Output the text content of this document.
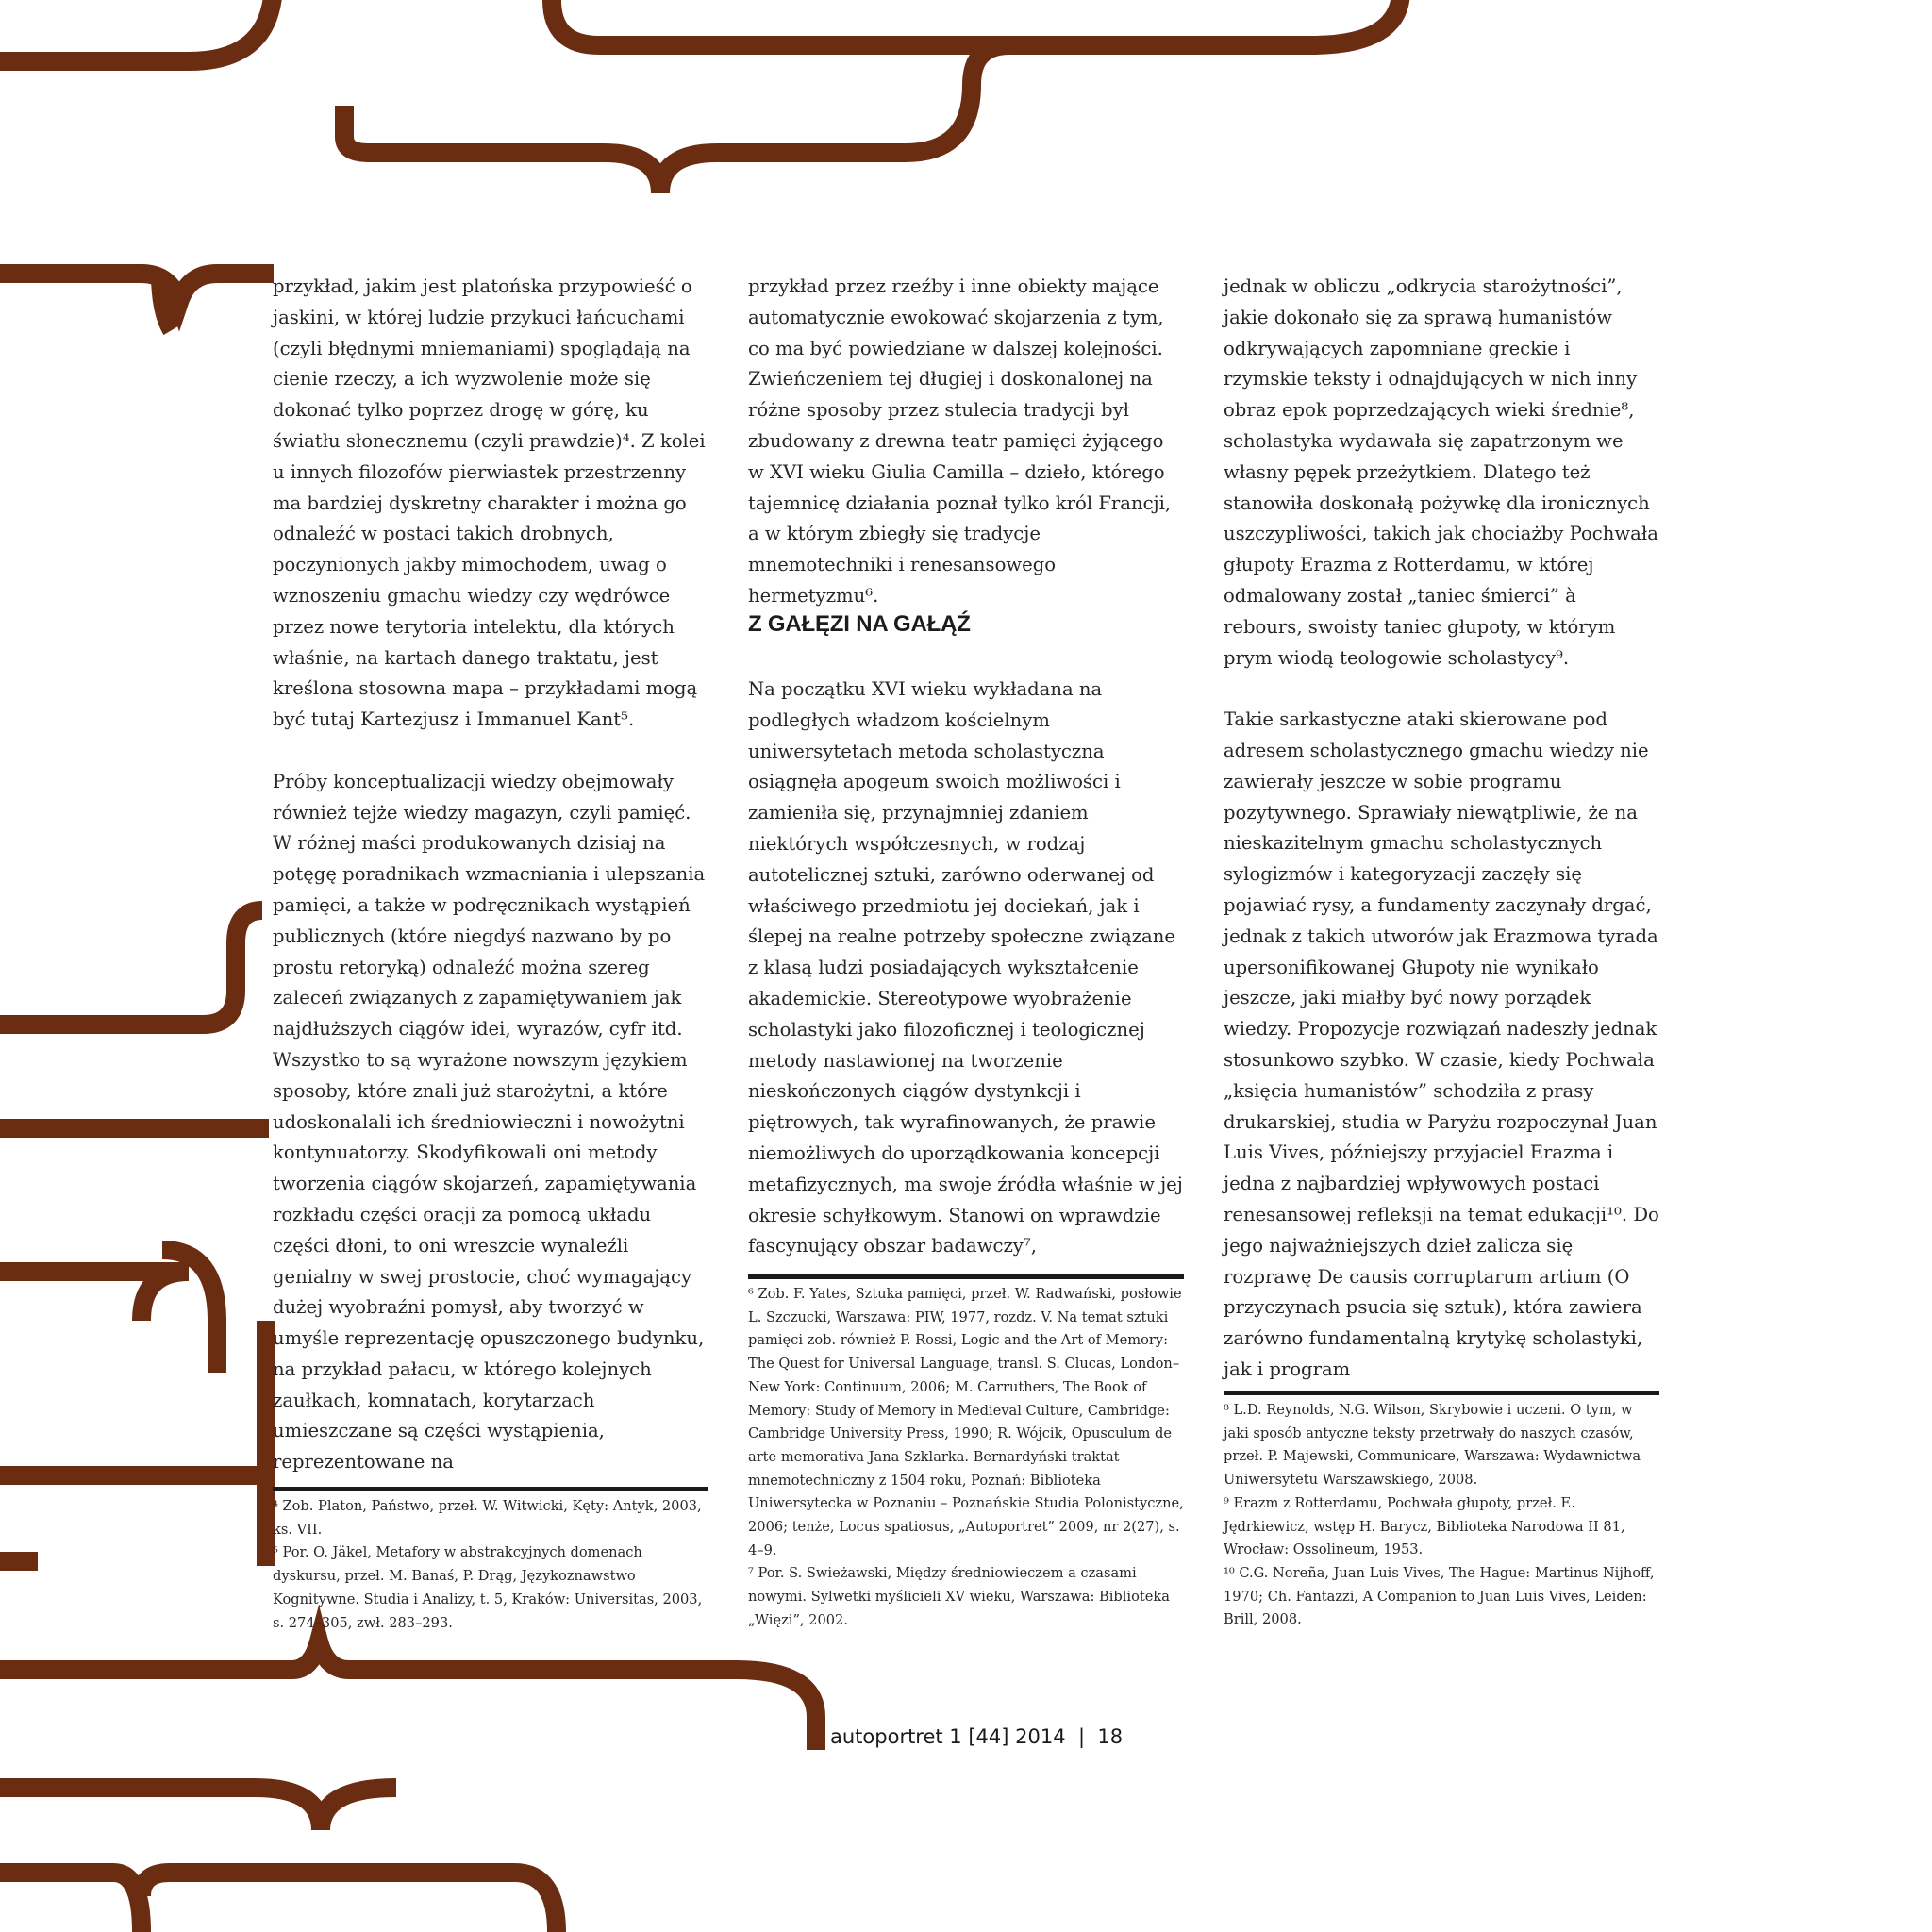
przykład, jakim jest platońska przypowieść o jaskini, w której ludzie przykuci łańcuchami (czyli błędnymi mniemaniami) spoglądają na cienie rzeczy, a ich wyzwolenie może się dokonać tylko poprzez drogę w górę, ku światłu słonecznemu (czyli prawdzie)⁴. Z kolei u innych filozofów pierwiastek przestrzenny ma bardziej dyskretny charakter i można go odnaleźć w postaci takich drobnych, poczynionych jakby mimochodem, uwag o wznoszeniu gmachu wiedzy czy wędrówce przez nowe terytoria intelektu, dla których właśnie, na kartach danego traktatu, jest kreślona stosowna mapa – przykładami mogą być tutaj Kartezjusz i Immanuel Kant⁵.

Próby konceptualizacji wiedzy obejmowały również tejże wiedzy magazyn, czyli pamięć. W różnej maści produkowanych dzisiaj na potęgę poradnikach wzmacniania i ulepszania pamięci, a także w podręcznikach wystąpień publicznych (które niegdyś nazwano by po prostu retoryką) odnaleźć można szereg zaleceń związanych z zapamiętywaniem jak najdłuższych ciągów idei, wyrazów, cyfr itd. Wszystko to są wyrażone nowszym językiem sposoby, które znali już starożytni, a które udoskonalali ich średniowieczni i nowożytni kontynuatorzy. Skodyfikowali oni metody tworzenia ciągów skojarzeń, zapamiętywania rozkładu części oracji za pomocą układu części dłoni, to oni wreszcie wynaleźli genialny w swej prostocie, choć wymagający dużej wyobraźni pomysł, aby tworzyć w umyśle reprezentację opuszczonego budynku, na przykład pałacu, w którego kolejnych zaułkach, komnatach, korytarzach umieszczane są części wystąpienia, reprezentowane na

⁴ Zob. Platon, Państwo, przeł. W. Witwicki, Kęty: Antyk, 2003, ks. VII.

⁵ Por. O. Jäkel, Metafory w abstrakcyjnych domenach dyskursu, przeł. M. Banaś, P. Drąg, Językoznawstwo Kognitywne. Studia i Analizy, t. 5, Kraków: Universitas, 2003, s. 274–305, zwł. 283–293.

przykład przez rzeźby i inne obiekty mające automatycznie ewokować skojarzenia z tym, co ma być powiedziane w dalszej kolejności. Zwieńczeniem tej długiej i doskonalonej na różne sposoby przez stulecia tradycji był zbudowany z drewna teatr pamięci żyjącego w XVI wieku Giulia Camilla – dzieło, którego tajemnicę działania poznał tylko król Francji, a w którym zbiegły się tradycje mnemotechniki i renesansowego hermetyzmu⁶.

Z GAŁĘZI NA GAŁĄŹ

Na początku XVI wieku wykładana na podległych władzom kościelnym uniwersytetach metoda scholastyczna osiągnęła apogeum swoich możliwości i zamieniła się, przynajmniej zdaniem niektórych współczesnych, w rodzaj autotelicznej sztuki, zarówno oderwanej od właściwego przedmiotu jej dociekań, jak i ślepej na realne potrzeby społeczne związane z klasą ludzi posiadających wykształcenie akademickie. Stereotypowe wyobrażenie scholastyki jako filozoficznej i teologicznej metody nastawionej na tworzenie nieskończonych ciągów dystynkcji i piętrowych, tak wyrafinowanych, że prawie niemożliwych do uporządkowania koncepcji metafizycznych, ma swoje źródła właśnie w jej okresie schyłkowym. Stanowi on wprawdzie fascynujący obszar badawczy⁷,

⁶ Zob. F. Yates, Sztuka pamięci, przeł. W. Radwański, posłowie L. Szczucki, Warszawa: PIW, 1977, rozdz. V. Na temat sztuki pamięci zob. również P. Rossi, Logic and the Art of Memory: The Quest for Universal Language, transl. S. Clucas, London–New York: Continuum, 2006; M. Carruthers, The Book of Memory: Study of Memory in Medieval Culture, Cambridge: Cambridge University Press, 1990; R. Wójcik, Opusculum de arte memorativa Jana Szklarka. Bernardyński traktat mnemotechniczny z 1504 roku, Poznań: Biblioteka Uniwersytecka w Poznaniu – Poznańskie Studia Polonistyczne, 2006; tenże, Locus spatiosus, „Autoportret” 2009, nr 2(27), s. 4–9.

⁷ Por. S. Swieżawski, Między średniowieczem a czasami nowymi. Sylwetki myślicieli XV wieku, Warszawa: Biblioteka „Więzi”, 2002.

jednak w obliczu „odkrycia starożytności”, jakie dokonało się za sprawą humanistów odkrywających zapomniane greckie i rzymskie teksty i odnajdujących w nich inny obraz epok poprzedzających wieki średnie⁸, scholastyka wydawała się zapatrzonym we własny pępek przeżytkiem. Dlatego też stanowiła doskonałą pożywkę dla ironicznych uszczypliwości, takich jak chociażby Pochwała głupoty Erazma z Rotterdamu, w której odmalowany został „taniec śmierci” à rebours, swoisty taniec głupoty, w którym prym wiodą teologowie scholastycy⁹.

Takie sarkastyczne ataki skierowane pod adresem scholastycznego gmachu wiedzy nie zawierały jeszcze w sobie programu pozytywnego. Sprawiały niewątpliwie, że na nieskazitelnym gmachu scholastycznych sylogizmów i kategoryzacji zaczęły się pojawiać rysy, a fundamenty zaczynały drgać, jednak z takich utworów jak Erazmowa tyrada upersonifikowanej Głupoty nie wynikało jeszcze, jaki miałby być nowy porządek wiedzy. Propozycje rozwiązań nadeszły jednak stosunkowo szybko. W czasie, kiedy Pochwała „księcia humanistów” schodziła z prasy drukarskiej, studia w Paryżu rozpoczynał Juan Luis Vives, późniejszy przyjaciel Erazma i jedna z najbardziej wpływowych postaci renesansowej refleksji na temat edukacji¹⁰. Do jego najważniejszych dzieł zalicza się rozprawę De causis corruptarum artium (O przyczynach psucia się sztuk), która zawiera zarówno fundamentalną krytykę scholastyki, jak i program

⁸ L.D. Reynolds, N.G. Wilson, Skrybowie i uczeni. O tym, w jaki sposób antyczne teksty przetrwały do naszych czasów, przeł. P. Majewski, Communicare, Warszawa: Wydawnictwa Uniwersytetu Warszawskiego, 2008.

⁹ Erazm z Rotterdamu, Pochwała głupoty, przeł. E. Jędrkiewicz, wstęp H. Barycz, Biblioteka Narodowa II 81, Wrocław: Ossolineum, 1953.

¹⁰ C.G. Noreña, Juan Luis Vives, The Hague: Martinus Nijhoff, 1970; Ch. Fantazzi, A Companion to Juan Luis Vives, Leiden: Brill, 2008.

autoportret 1 [44] 2014 | 18
